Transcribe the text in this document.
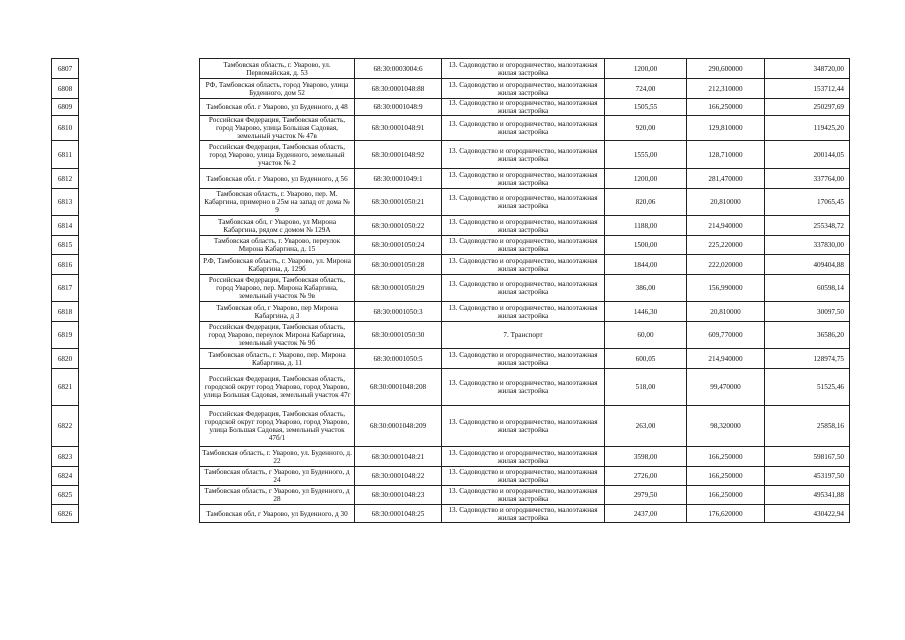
6807		Тамбовская область, г. Уварово, ул. Первомайская, д. 53	68:30:0003004:6	13. Садоводство и огородничество, малоэтажная жилая застройка	1200,00	290,600000	348720,00
6808		РФ, Тамбовская область, город Уварово, улица Буденного, дом 52	68:30:0001048:88	13. Садоводство и огородничество, малоэтажная жилая застройка	724,00	212,310000	153712,44
6809		Тамбовская обл. г Уварово, ул Буденного, д 48	68:30:0001048:9	13. Садоводство и огородничество, малоэтажная жилая застройка	1505,55	166,250000	250297,69
6810		Российская Федерация, Тамбовская область, город Уварово, улица Большая Садовая, земельный участок № 47в	68:30:0001048:91	13. Садоводство и огородничество, малоэтажная жилая застройка	920,00	129,810000	119425,20
6811		Российская Федерация, Тамбовская область, город Уварово, улица Буденного, земельный участок № 2	68:30:0001048:92	13. Садоводство и огородничество, малоэтажная жилая застройка	1555,00	128,710000	200144,05
6812		Тамбовская обл. г Уварово, ул Буденного, д 56	68:30:0001049:1	13. Садоводство и огородничество, малоэтажная жилая застройка	1200,00	281,470000	337764,00
6813		Тамбовская область, г. Уварово, пер. М. Кабаргина, примерно в 25м на запад от дома № 9	68:30:0001050:21	13. Садоводство и огородничество, малоэтажная жилая застройка	820,06	20,810000	17065,45
6814		Тамбовская обл, г Уварово, ул Мирона Кабаргина, рядом с домом № 129А	68:30:0001050:22	13. Садоводство и огородничество, малоэтажная жилая застройка	1188,00	214,940000	255348,72
6815		Тамбовская область, г. Уварово, переулок Мирона Кабаргина, д. 15	68:30:0001050:24	13. Садоводство и огородничество, малоэтажная жилая застройка	1500,00	225,220000	337830,00
6816		Р.Ф, Тамбовская область, г. Уварово, ул. Мирона Кабаргина, д. 129б	68:30:0001050:28	13. Садоводство и огородничество, малоэтажная жилая застройка	1844,00	222,020000	409404,88
6817		Российская Федерация, Тамбовская область, город Уварово, пер. Мирона Кабаргина, земельный участок № 9в	68:30:0001050:29	13. Садоводство и огородничество, малоэтажная жилая застройка	386,00	156,990000	60598,14
6818		Тамбовская обл, г Уварово, пер Мирона Кабаргина, д 3	68:30:0001050:3	13. Садоводство и огородничество, малоэтажная жилая застройка	1446,30	20,810000	30097,50
6819		Российская Федерация, Тамбовская область, город Уварово, переулок Мирона Кабаргина, земельный участок № 9б	68:30:0001050:30	7. Транспорт	60,00	609,770000	36586,20
6820		Тамбовская область, г. Уварово, пер. Мирона Кабаргина, д. 11	68:30:0001050:5	13. Садоводство и огородничество, малоэтажная жилая застройка	600,05	214,940000	128974,75
6821		Российская Федерация, Тамбовская область, городской округ город Уварово, город Уварово, улица Большая Садовая, земельный участок 47г	68:30:0001048:208	13. Садоводство и огородничество, малоэтажная жилая застройка	518,00	99,470000	51525,46
6822		Российская Федерация, Тамбовская область, городской округ город Уварово, город Уварово, улица Большая Садовая, земельный участок 47б/1	68:30:0001048:209	13. Садоводство и огородничество, малоэтажная жилая застройка	263,00	98,320000	25858,16
6823		Тамбовская область, г. Уварово, ул. Буденного, д. 22	68:30:0001048:21	13. Садоводство и огородничество, малоэтажная жилая застройка	3598,00	166,250000	598167,50
6824		Тамбовская область, г Уварово, ул Буденного, д 24	68:30:0001048:22	13. Садоводство и огородничество, малоэтажная жилая застройка	2726,00	166,250000	453197,50
6825		Тамбовская область, г Уварово, ул Буденного, д 28	68:30:0001048:23	13. Садоводство и огородничество, малоэтажная жилая застройка	2979,50	166,250000	495341,88
6826		Тамбовская обл, г Уварово, ул Буденного, д 30	68:30:0001048:25	13. Садоводство и огородничество, малоэтажная жилая застройка	2437,00	176,620000	430422,94
